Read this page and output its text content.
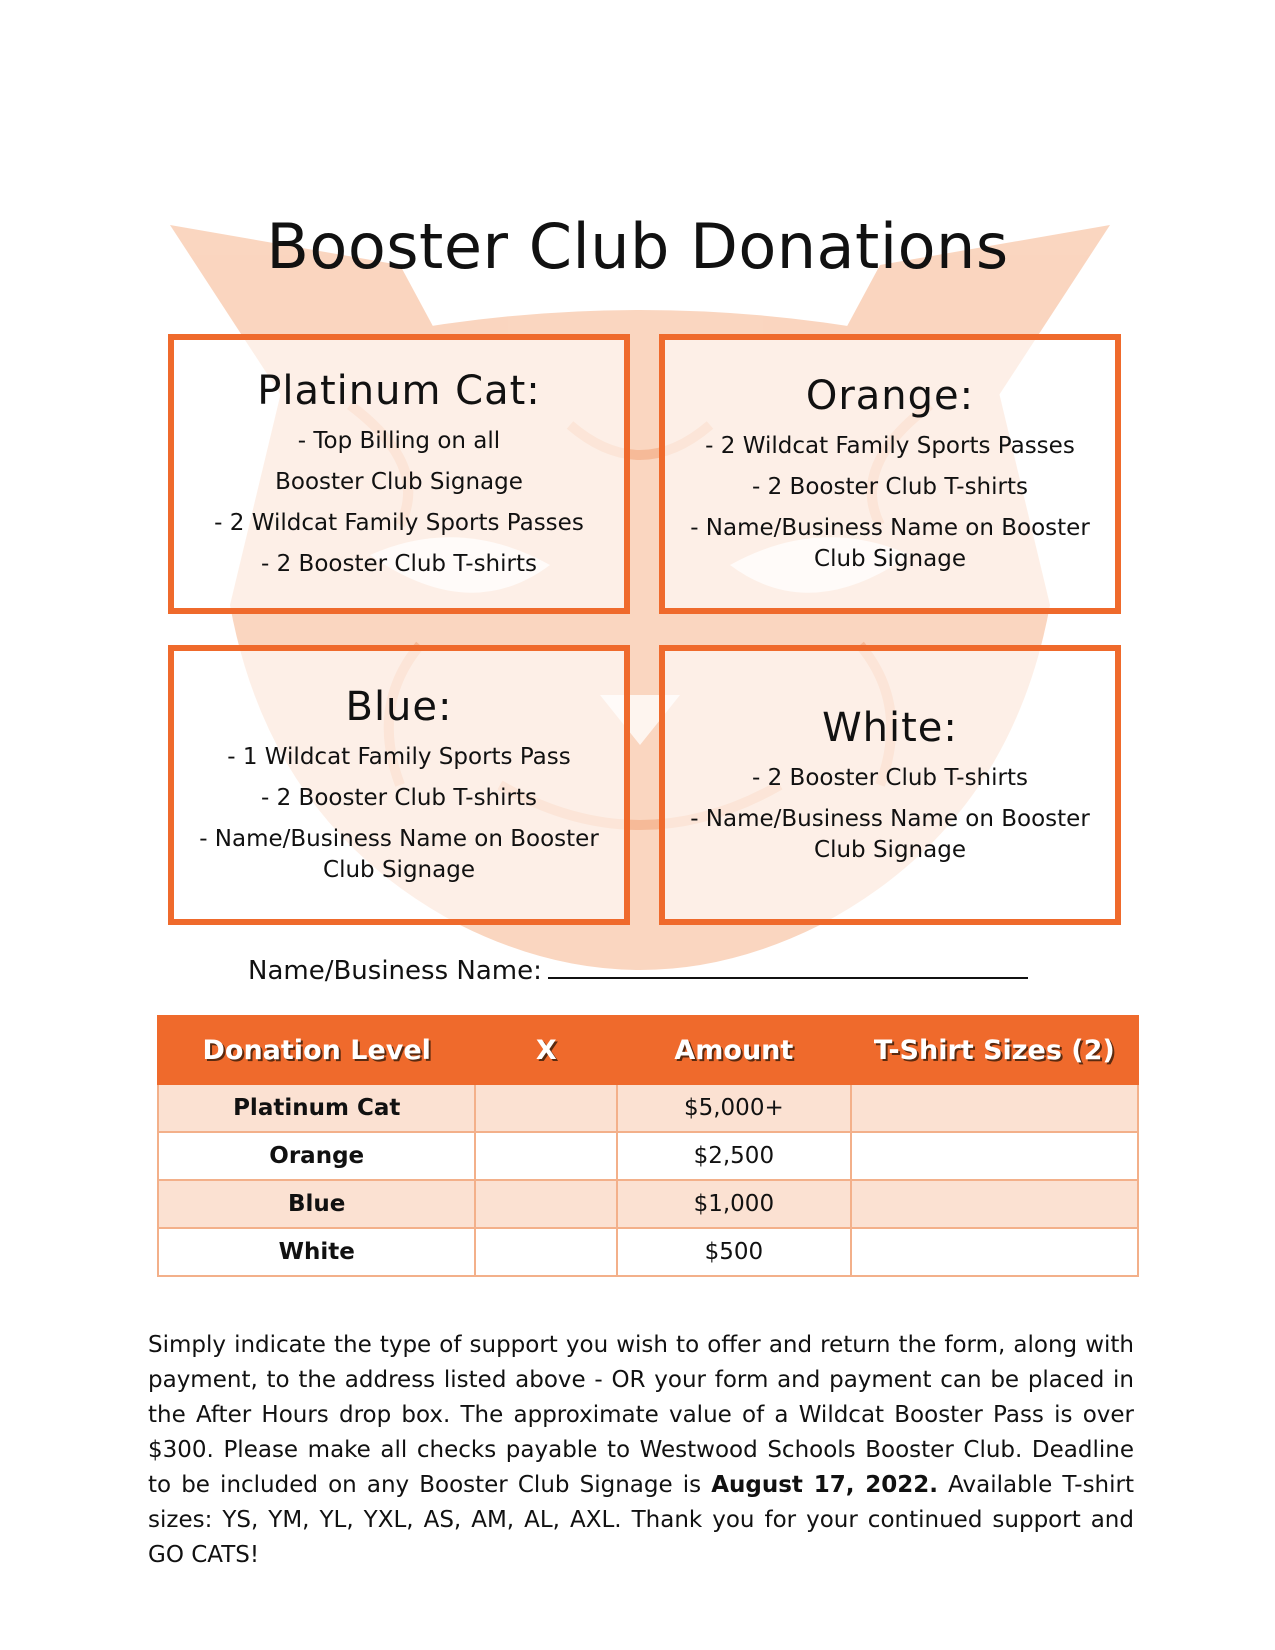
Booster Club Donations
Platinum Cat:
- Top Billing on all
Booster Club Signage
- 2 Wildcat Family Sports Passes
- 2 Booster Club T-shirts
Orange:
- 2 Wildcat Family Sports Passes
- 2 Booster Club T-shirts
- Name/Business Name on Booster Club Signage
Blue:
- 1 Wildcat Family Sports Pass
- 2 Booster Club T-shirts
- Name/Business Name on Booster Club Signage
White:
- 2 Booster Club T-shirts
- Name/Business Name on Booster Club Signage
Name/Business Name:
Donation Level	X	Amount	T-Shirt Sizes (2)
Platinum Cat		$5,000+	
Orange		$2,500	
Blue		$1,000	
White		$500	

Simply indicate the type of support you wish to offer and return the form, along with payment, to the address listed above - OR your form and payment can be placed in the After Hours drop box. The approximate value of a Wildcat Booster Pass is over $300. Please make all checks payable to Westwood Schools Booster Club. Deadline to be included on any Booster Club Signage is August 17, 2022. Available T-shirt sizes: YS, YM, YL, YXL, AS, AM, AL, AXL. Thank you for your continued support and GO CATS!
